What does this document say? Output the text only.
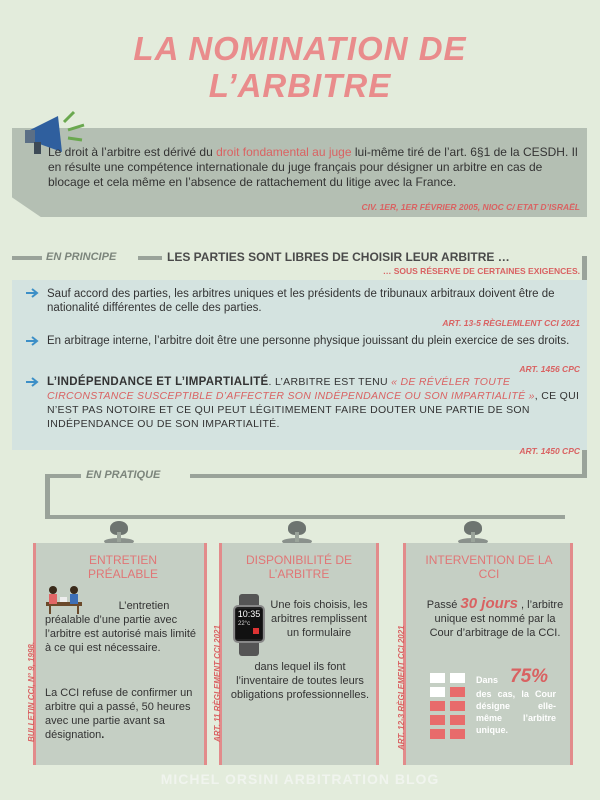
LA NOMINATION DE
L’ARBITRE
Le droit à l’arbitre est dérivé du droit fondamental au juge lui-même tiré de l’art. 6§1 de la CESDH. Il en résulte une compétence internationale du juge français pour désigner un arbitre en cas de blocage et cela même en l’absence de rattachement du litige avec la France.
CIV. 1ER, 1ER FÉVRIER 2005, NIOC C/ ETAT D’ISRAËL
EN PRINCIPE	LES PARTIES SONT LIBRES DE CHOISIR LEUR ARBITRE …
… SOUS RÉSERVE DE CERTAINES EXIGENCES.
Sauf accord des parties, les arbitres uniques et les présidents de tribunaux arbitraux doivent être de nationalité différentes de celle des parties.
ART. 13-5 RÈGLEMLENT CCI 2021
En arbitrage interne, l’arbitre doit être une personne physique jouissant du plein exercice de ses droits.
ART. 1456 CPC
L’INDÉPENDANCE ET L’IMPARTIALITÉ. L’ARBITRE EST TENU « DE RÉVÉLER TOUTE CIRCONSTANCE SUSCEPTIBLE D’AFFECTER SON INDÉPENDANCE OU SON IMPARTIALITÉ », CE QUI N’EST PAS NOTOIRE ET CE QUI PEUT LÉGITIMEMENT FAIRE DOUTER UNE PARTIE DE SON INDÉPENDANCE OU DE SON IMPARTIALITÉ.
ART. 1450 CPC
EN PRATIQUE
ENTRETIEN PRÉALABLE
L’entretien
préalable d’une partie avec l’arbitre est autorisé mais limité à ce qui est nécessaire.
La CCI refuse de confirmer un arbitre qui a passé, 50 heures avec une partie avant sa désignation.
BULLETIN CCI, N° 9, 1998.
DISPONIBILITÉ DE L’ARBITRE
10:35
22°c
Une fois choisis, les arbitres remplissent un formulaire
dans lequel ils font l’inventaire de toutes leurs obligations professionnelles.
ART. 11 RÈGLEMENT CCI 2021
INTERVENTION DE LA CCI
Passé 30 jours , l’arbitre unique est nommé par la Cour d’arbitrage de la CCI.
Dans 75%
des cas, la Cour désigne elle-même l’arbitre unique.
ART. 12-3 RÈGLEMENT CCI 2021
MICHEL ORSINI ARBITRATION BLOG
